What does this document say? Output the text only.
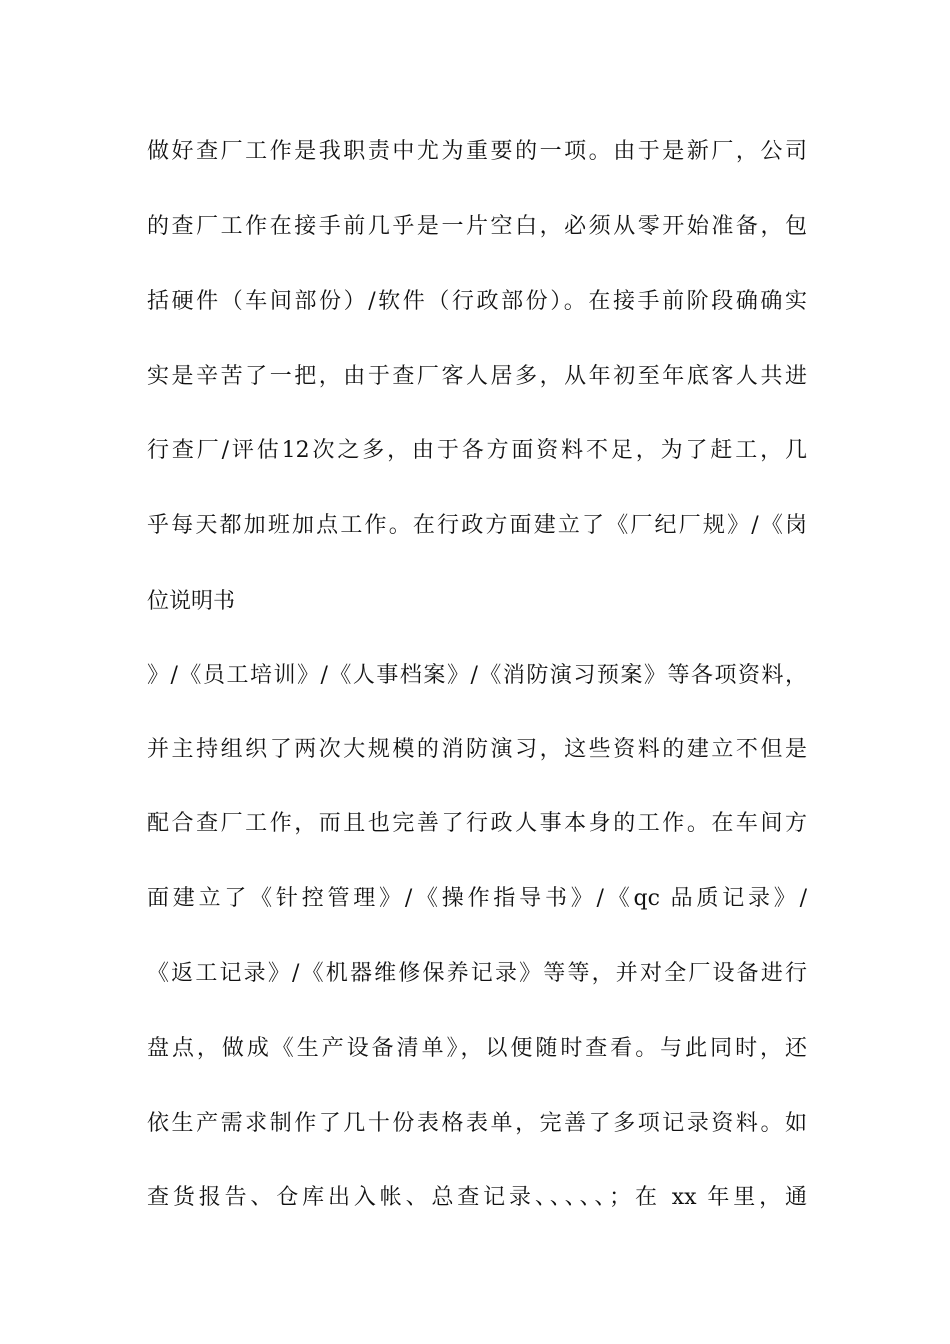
做好查厂工作是我职责中尤为重要的一项。由于是新厂，公司
的查厂工作在接手前几乎是一片空白，必须从零开始准备，包
括硬件（车间部份）/软件（行政部份）。在接手前阶段确确实
实是辛苦了一把，由于查厂客人居多，从年初至年底客人共进
行查厂/评估12次之多，由于各方面资料不足，为了赶工，几
乎每天都加班加点工作。在行政方面建立了《厂纪厂规》/《岗
位说明书
》/《员工培训》/《人事档案》/《消防演习预案》等各项资料，
并主持组织了两次大规模的消防演习，这些资料的建立不但是
配合查厂工作，而且也完善了行政人事本身的工作。在车间方
面建立了《针控管理》/《操作指导书》/《qc 品质记录》/
《返工记录》/《机器维修保养记录》等等，并对全厂设备进行
盘点，做成《生产设备清单》，以便随时查看。与此同时，还
依生产需求制作了几十份表格表单，完善了多项记录资料。如
查货报告、仓库出入帐、总查记录、、、、、；在 xx 年里，通
